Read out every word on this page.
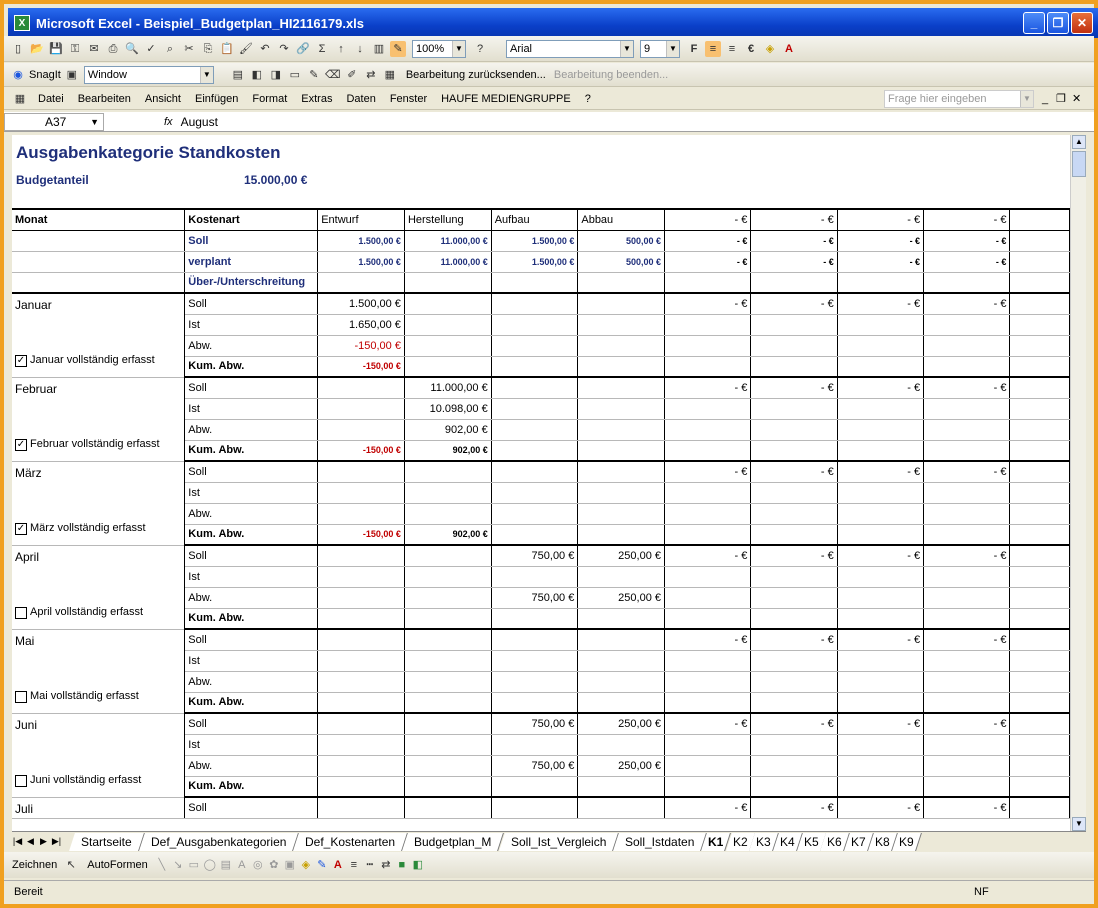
X Microsoft Excel - Beispiel_Budgetplan_HI2116179.xls	_	❐	✕
▯ 📂 💾 ⚿ ✉ ⎙ 🔍 ✓	⌕	✂ ⎘ 📋 🖌 ↶ ↷ 🔗 Σ	↑	↓	▥ ✎	100%	▼	?	Arial	▼ 9	▼	F	≡	≡	€	◈ A
◉ SnagIt ▣ Window	▼ ▤ ◧ ◨ ▭ ✎ ⌫ ✐ ⇄ ▦ Bearbeitung zurücksenden... Bearbeitung beenden...
▦ Datei Bearbeiten Ansicht Einfügen Format Extras Daten Fenster HAUFE MEDIENGRUPPE ?	Frage hier eingeben	▼ _ ❐ ✕
A37	▼	fx August
Ausgabenkategorie Standkosten
Budgetanteil	15.000,00 €
Monat	Kostenart	Entwurf	Herstellung	Aufbau	Abbau	- €	- €	- €	- €	
	Soll	1.500,00 €	11.000,00 €	1.500,00 €	500,00 €	- €	- €	- €	- €	
	verplant	1.500,00 €	11.000,00 €	1.500,00 €	500,00 €	- €	- €	- €	- €	
	Über-/Unterschreitung									
Januar
✓ Januar vollständig erfasst	Soll	1.500,00 €				- €	- €	- €	- €	
	Ist	1.650,00 €								
	Abw.	-150,00 €								
	Kum. Abw.	-150,00 €								
Februar
✓ Februar vollständig erfasst	Soll		11.000,00 €			- €	- €	- €	- €	
	Ist		10.098,00 €							
	Abw.		902,00 €							
	Kum. Abw.	-150,00 €	902,00 €							
März
✓ März vollständig erfasst	Soll					- €	- €	- €	- €	
	Ist									
	Abw.									
	Kum. Abw.	-150,00 €	902,00 €							
April
April vollständig erfasst	Soll			750,00 €	250,00 €	- €	- €	- €	- €	
	Ist									
	Abw.			750,00 €	250,00 €					
	Kum. Abw.									
Mai
Mai vollständig erfasst	Soll					- €	- €	- €	- €	
	Ist									
	Abw.									
	Kum. Abw.									
Juni
Juni vollständig erfasst	Soll			750,00 €	250,00 €	- €	- €	- €	- €	
	Ist									
	Abw.			750,00 €	250,00 €					
	Kum. Abw.									
Juli	Soll					- €	- €	- €	- €	
▲
▼
|◀ ◀ ▶ ▶|	Startseite	Def_Ausgabenkategorien	Def_Kostenarten	Budgetplan_M	Soll_Ist_Vergleich	Soll_Istdaten	K1 K2 K3 K4 K5 K6 K7 K8 K9
Zeichnen ↖	AutoFormen ╲ ↘ ▭ ◯ ▤ A ◎ ✿ ▣ ◈ ✎ A ≡ ┅ ⇄ ■ ◧
Bereit	NF
